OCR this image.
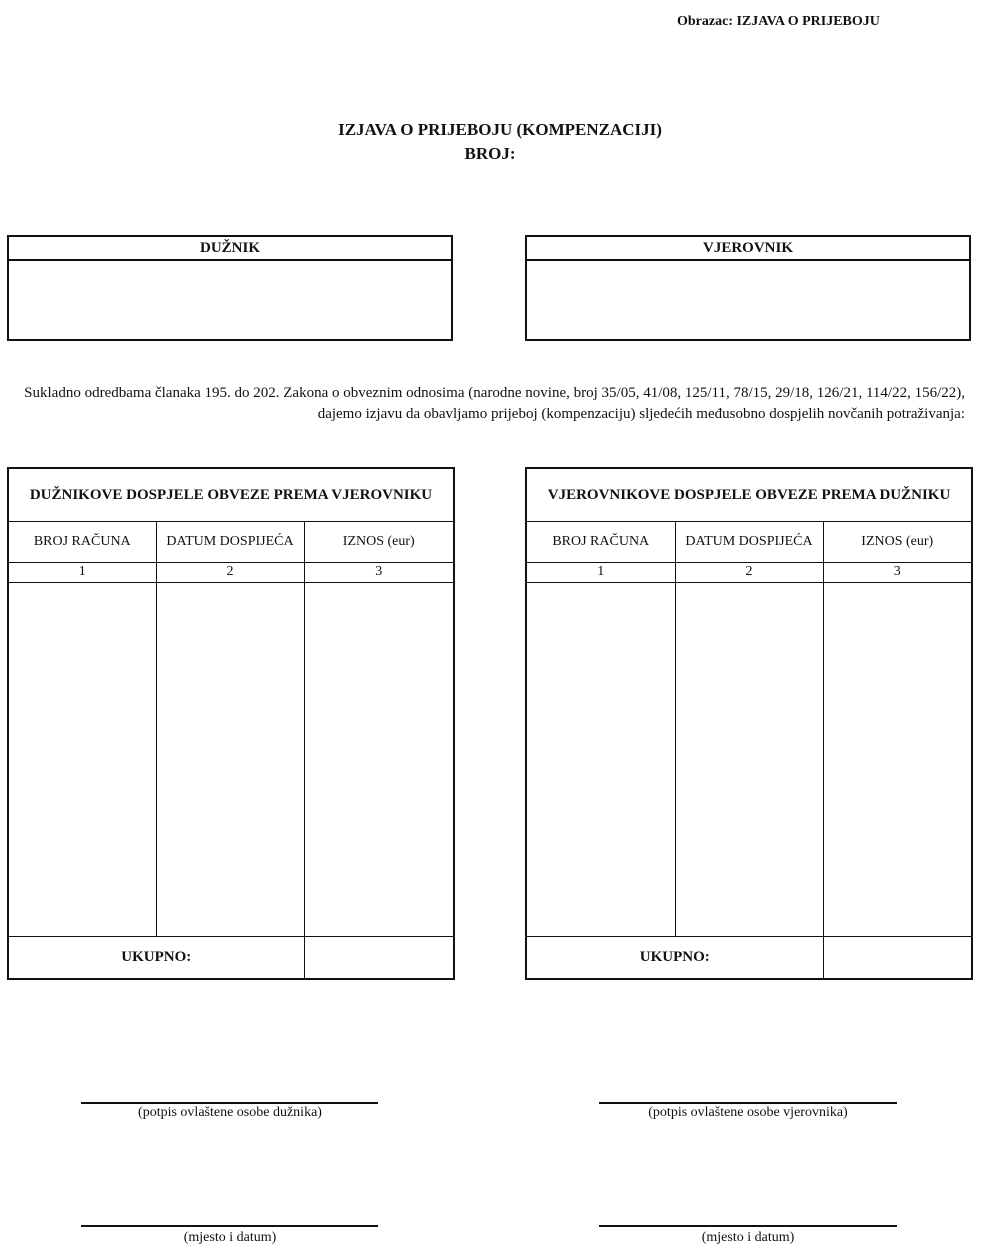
Obrazac: IZJAVA O PRIJEBOJU
IZJAVA O PRIJEBOJU (KOMPENZACIJI)
BROJ:
DUŽNIK	VJEROVNIK
Sukladno odredbama članaka 195. do 202. Zakona o obveznim odnosima (narodne novine, broj 35/05, 41/08, 125/11, 78/15, 29/18, 126/21, 114/22, 156/22), dajemo izjavu da obavljamo prijeboj (kompenzaciju) sljedećih međusobno dospjelih novčanih potraživanja:
DUŽNIKOVE DOSPJELE OBVEZE PREMA VJEROVNIKU		
BROJ RAČUNA	DATUM DOSPIJEĆA	IZNOS (eur)
1	2	3

UKUPNO:		
VJEROVNIKOVE DOSPJELE OBVEZE PREMA DUŽNIKU		
BROJ RAČUNA	DATUM DOSPIJEĆA	IZNOS (eur)
1	2	3

UKUPNO:		
(potpis ovlaštene osobe dužnika)	(potpis ovlaštene osobe vjerovnika)
(mjesto i datum)	(mjesto i datum)
